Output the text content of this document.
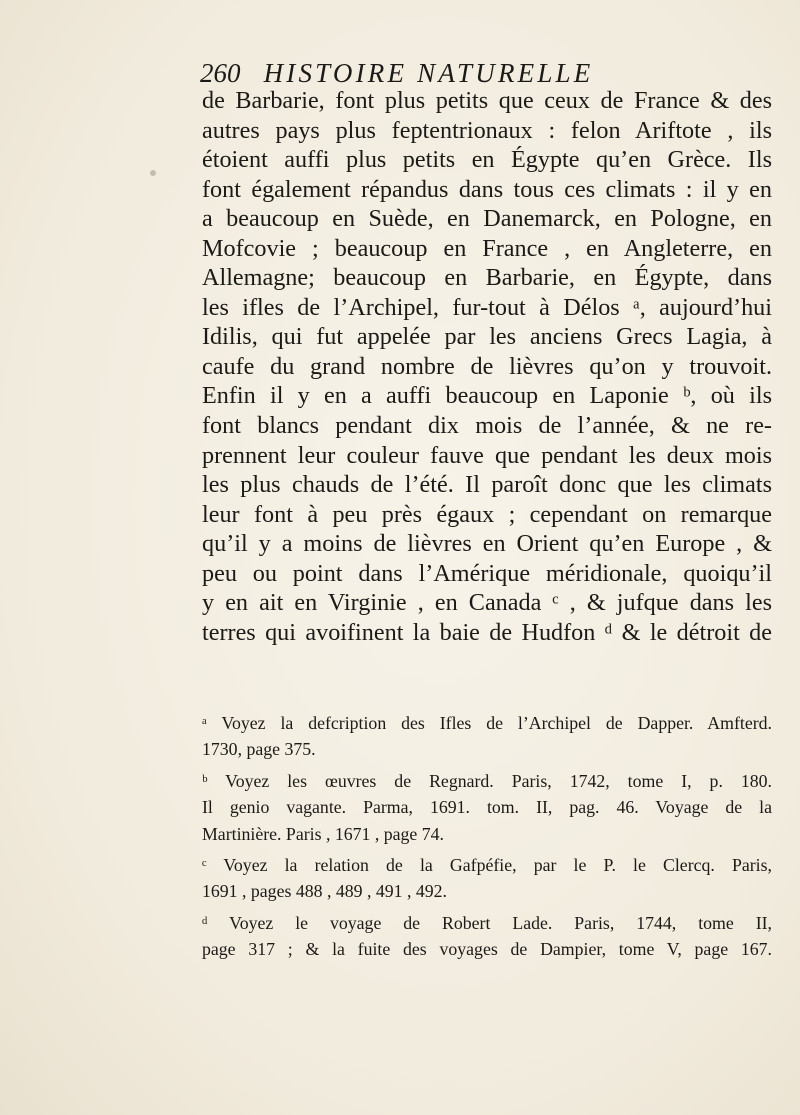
260 HISTOIRE NATURELLE
de Barbarie, font plus petits que ceux de France & des
autres pays plus feptentrionaux : felon Ariftote , ils
étoient auffi plus petits en Égypte qu’en Grèce. Ils
font également répandus dans tous ces climats : il y en
a beaucoup en Suède, en Danemarck, en Pologne, en
Mofcovie ; beaucoup en France , en Angleterre, en
Allemagne; beaucoup en Barbarie, en Égypte, dans
les ifles de l’Archipel, fur-tout à Délos ᵃ, aujourd’hui
Idilis, qui fut appelée par les anciens Grecs Lagia, à
caufe du grand nombre de lièvres qu’on y trouvoit.
Enfin il y en a auffi beaucoup en Laponie ᵇ, où ils
font blancs pendant dix mois de l’année, & ne re-
prennent leur couleur fauve que pendant les deux mois
les plus chauds de l’été. Il paroît donc que les climats
leur font à peu près égaux ; cependant on remarque
qu’il y a moins de lièvres en Orient qu’en Europe , &
peu ou point dans l’Amérique méridionale, quoiqu’il
y en ait en Virginie , en Canada ᶜ , & jufque dans les
terres qui avoifinent la baie de Hudfon ᵈ & le détroit de
ᵃ Voyez la defcription des Ifles de l’Archipel de Dapper. Amfterd.
1730, page 375.
ᵇ Voyez les œuvres de Regnard. Paris, 1742, tome I, p. 180.
Il genio vagante. Parma, 1691. tom. II, pag. 46. Voyage de la
Martinière. Paris , 1671 , page 74.
ᶜ Voyez la relation de la Gafpéfie, par le P. le Clercq. Paris,
1691 , pages 488 , 489 , 491 , 492.
ᵈ Voyez le voyage de Robert Lade. Paris, 1744, tome II,
page 317 ; & la fuite des voyages de Dampier, tome V, page 167.
